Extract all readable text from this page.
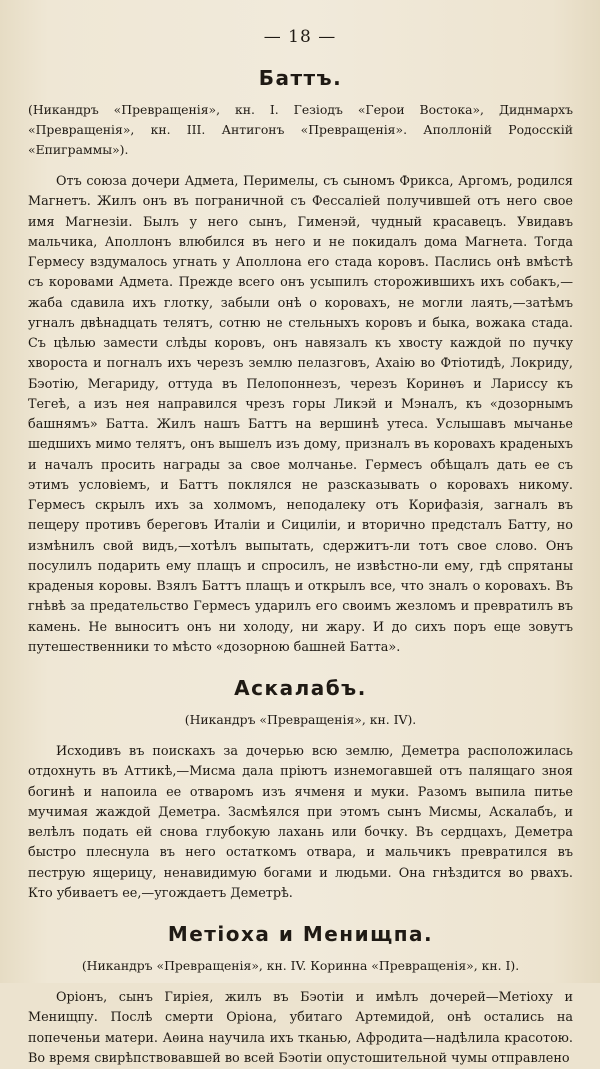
— 18 —
Баттъ.

(Никандръ «Превращенія», кн. I. Гезіодъ «Герои Востока», Диднмархъ «Превращенія», кн. III. Антигонъ «Превращенія». Аполлоній Родосскій «Епиграммы»).

Отъ союза дочери Адмета, Перимелы, съ сыномъ Фрикса, Аргомъ, родился Магнетъ. Жилъ онъ въ пограничной съ Фессаліей получившей отъ него свое имя Магнезіи. Былъ у него сынъ, Гименэй, чудный красавецъ. Увидавъ мальчика, Аполлонъ влюбился въ него и не покидалъ дома Магнета. Тогда Гермесу вздумалось угнать у Аполлона его стада коровъ. Паслись онѣ вмѣстѣ съ коровами Адмета. Прежде всего онъ усыпилъ сторожившихъ ихъ собакъ,—жаба сдавила ихъ глотку, забыли онѣ о коровахъ, не могли лаять,—затѣмъ угналъ двѣнадцать телятъ, сотню не стельныхъ коровъ и быка, вожака стада. Съ цѣлью замести слѣды коровъ, онъ навязалъ къ хвосту каждой по пучку хвороста и погналъ ихъ черезъ землю пелазговъ, Ахаію во Фтіотидѣ, Локриду, Бэотію, Мегариду, оттуда въ Пелопоннезъ, черезъ Коринѳъ и Лариссу къ Тегеѣ, а изъ нея направился чрезъ горы Ликэй и Мэналъ, къ «дозорнымъ башнямъ» Батта. Жилъ нашъ Баттъ на вершинѣ утеса. Услышавъ мычанье шедшихъ мимо телятъ, онъ вышелъ изъ дому, призналъ въ коровахъ краденыхъ и началъ просить награды за свое молчанье. Гермесъ обѣщалъ дать ее съ этимъ условіемъ, и Баттъ поклялся не разсказывать о коровахъ никому. Гермесъ скрылъ ихъ за холмомъ, неподалеку отъ Корифазія, загналъ въ пещеру противъ береговъ Италіи и Сициліи, и вторично предсталъ Батту, но измѣнилъ свой видъ,—хотѣлъ выпытать, сдержитъ-ли тотъ свое слово. Онъ посулилъ подарить ему плащъ и спросилъ, не извѣстно-ли ему, гдѣ спрятаны краденыя коровы. Взялъ Баттъ плащъ и открылъ все, что зналъ о коровахъ. Въ гнѣвѣ за предательство Гермесъ ударилъ его своимъ жезломъ и превратилъ въ камень. Не выноситъ онъ ни холоду, ни жару. И до сихъ поръ еще зовутъ путешественники то мѣсто «дозорною башней Батта».

Аскалабъ.

(Никандръ «Превращенія», кн. IV).

Исходивъ въ поискахъ за дочерью всю землю, Деметра расположилась отдохнуть въ Аттикѣ,—Мисма дала пріютъ изнемогавшей отъ палящаго зноя богинѣ и напоила ее отваромъ изъ ячменя и муки. Разомъ выпила питье мучимая жаждой Деметра. Засмѣялся при этомъ сынъ Мисмы, Аскалабъ, и велѣлъ подать ей снова глубокую лахань или бочку. Въ сердцахъ, Деметра быстро плеснула въ него остаткомъ отвара, и мальчикъ превратился въ пеструю ящерицу, ненавидимую богами и людьми. Она гнѣздится во рвахъ. Кто убиваетъ ее,—угождаетъ Деметрѣ.

Метіоха и Менищпа.

(Никандръ «Превращенія», кн. IV. Коринна «Превращенія», кн. I).

Оріонъ, сынъ Гиріея, жилъ въ Бэотіи и имѣлъ дочерей—Метіоху и Менищпу. Послѣ смерти Оріона, убитаго Артемидой, онѣ остались на попеченьи матери. Аѳина научила ихъ тканью, Афродита—надѣлила красотою. Во время свирѣпствовавшей во всей Бэотіи опустошительной чумы отправлено
